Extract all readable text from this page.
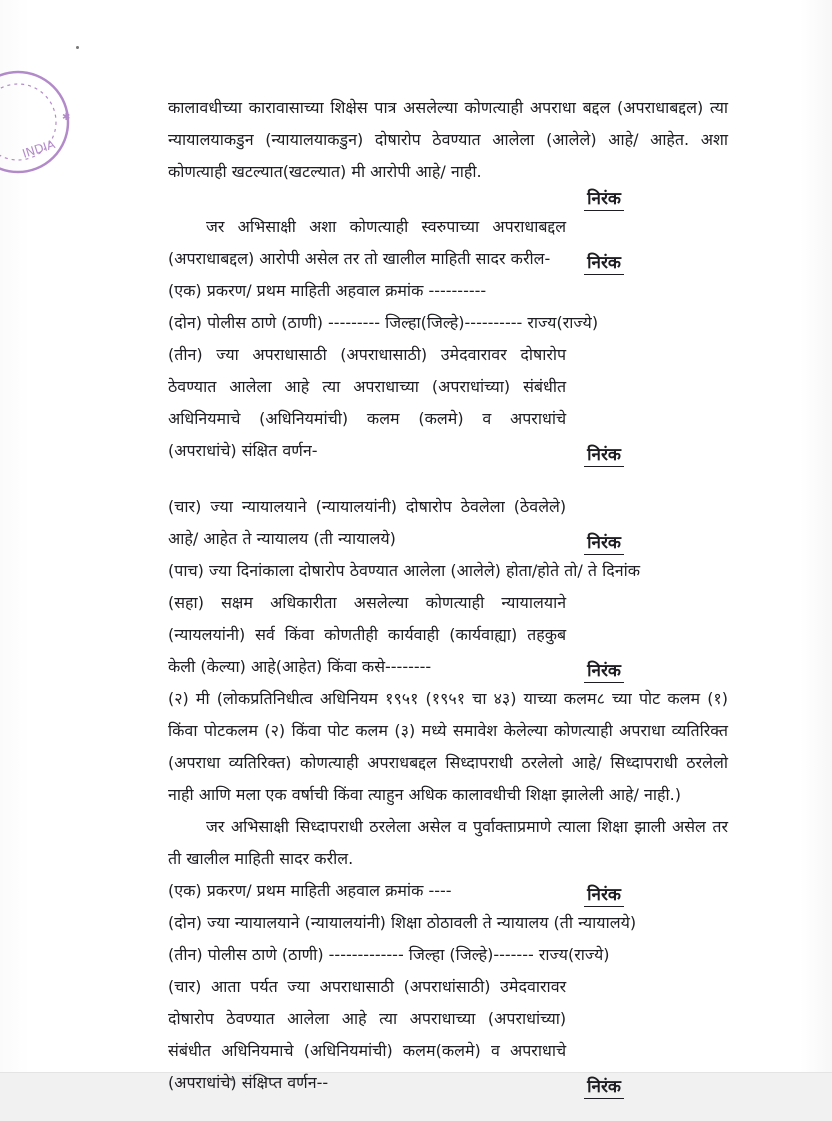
INDIA
✱

कालावधीच्या कारावासाच्या शिक्षेस पात्र असलेल्या कोणत्याही अपराधा बद्दल (अपराधाबद्दल) त्या न्यायालयाकडुन (न्यायालयाकडुन) दोषारोप ठेवण्यात आलेला (आलेले) आहे/ आहेत. अशा कोणत्याही खटल्यात(खटल्यात) मी आरोपी आहे/ नाही.

निरंक

जर अभिसाक्षी अशा कोणत्याही स्वरुपाच्या अपराधाबद्दल (अपराधाबद्दल) आरोपी असेल तर तो खालील माहिती सादर करील-	निरंक

(एक) प्रकरण/ प्रथम माहिती अहवाल क्रमांक ----------

(दोन) पोलीस ठाणे (ठाणी) --------- जिल्हा(जिल्हे)---------- राज्य(राज्ये)

(तीन) ज्या अपराधासाठी (अपराधासाठी) उमेदवारावर दोषारोप ठेवण्यात आलेला आहे त्या अपराधाच्या (अपराधांच्या) संबंधीत अधिनियमाचे (अधिनियमांची) कलम (कलमे) व अपराधांचे (अपराधांचे) संक्षित वर्णन-	निरंक

(चार) ज्या न्यायालयाने (न्यायालयांनी) दोषारोप ठेवलेला (ठेवलेले) आहे/ आहेत ते न्यायालय (ती न्यायालये)	निरंक

(पाच) ज्या दिनांकाला दोषारोप ठेवण्यात आलेला (आलेले) होता/होते तो/ ते दिनांक

(सहा) सक्षम अधिकारीता असलेल्या कोणत्याही न्यायालयाने (न्यायलयांनी) सर्व किंवा कोणतीही कार्यवाही (कार्यवाह्या) तहकुब केली (केल्या) आहे(आहेत) किंवा कसे--------	निरंक

(२) मी (लोकप्रतिनिधीत्व अधिनियम १९५१ (१९५१ चा ४३) याच्या कलम८ च्या पोट कलम (१) किंवा पोटकलम (२) किंवा पोट कलम (३) मध्ये समावेश केलेल्या कोणत्याही अपराधा व्यतिरिक्त (अपराधा व्यतिरिक्त) कोणत्याही अपराधबद्दल सिध्दापराधी ठरलेलो आहे/ सिध्दापराधी ठरलेलो नाही आणि मला एक वर्षाची किंवा त्याहुन अधिक कालावधीची शिक्षा झालेली आहे/ नाही.)

जर अभिसाक्षी सिध्दापराधी ठरलेला असेल व पुर्वाक्ताप्रमाणे त्याला शिक्षा झाली असेल तर ती खालील माहिती सादर करील.

(एक) प्रकरण/ प्रथम माहिती अहवाल क्रमांक ----	निरंक

(दोन) ज्या न्यायालयाने (न्यायालयांनी) शिक्षा ठोठावली ते न्यायालय (ती न्यायालये)

(तीन) पोलीस ठाणे (ठाणी) ------------- जिल्हा (जिल्हे)------- राज्य(राज्ये)

(चार) आता पर्यत ज्या अपराधासाठी (अपराधांसाठी) उमेदवारावर दोषारोप ठेवण्यात आलेला आहे त्या अपराधाच्या (अपराधांच्या) संबंधीत अधिनियमाचे (अधिनियमांची) कलम(कलमे) व अपराधाचे (अपराधांचे) संक्षिप्त वर्णन--	निरंक
